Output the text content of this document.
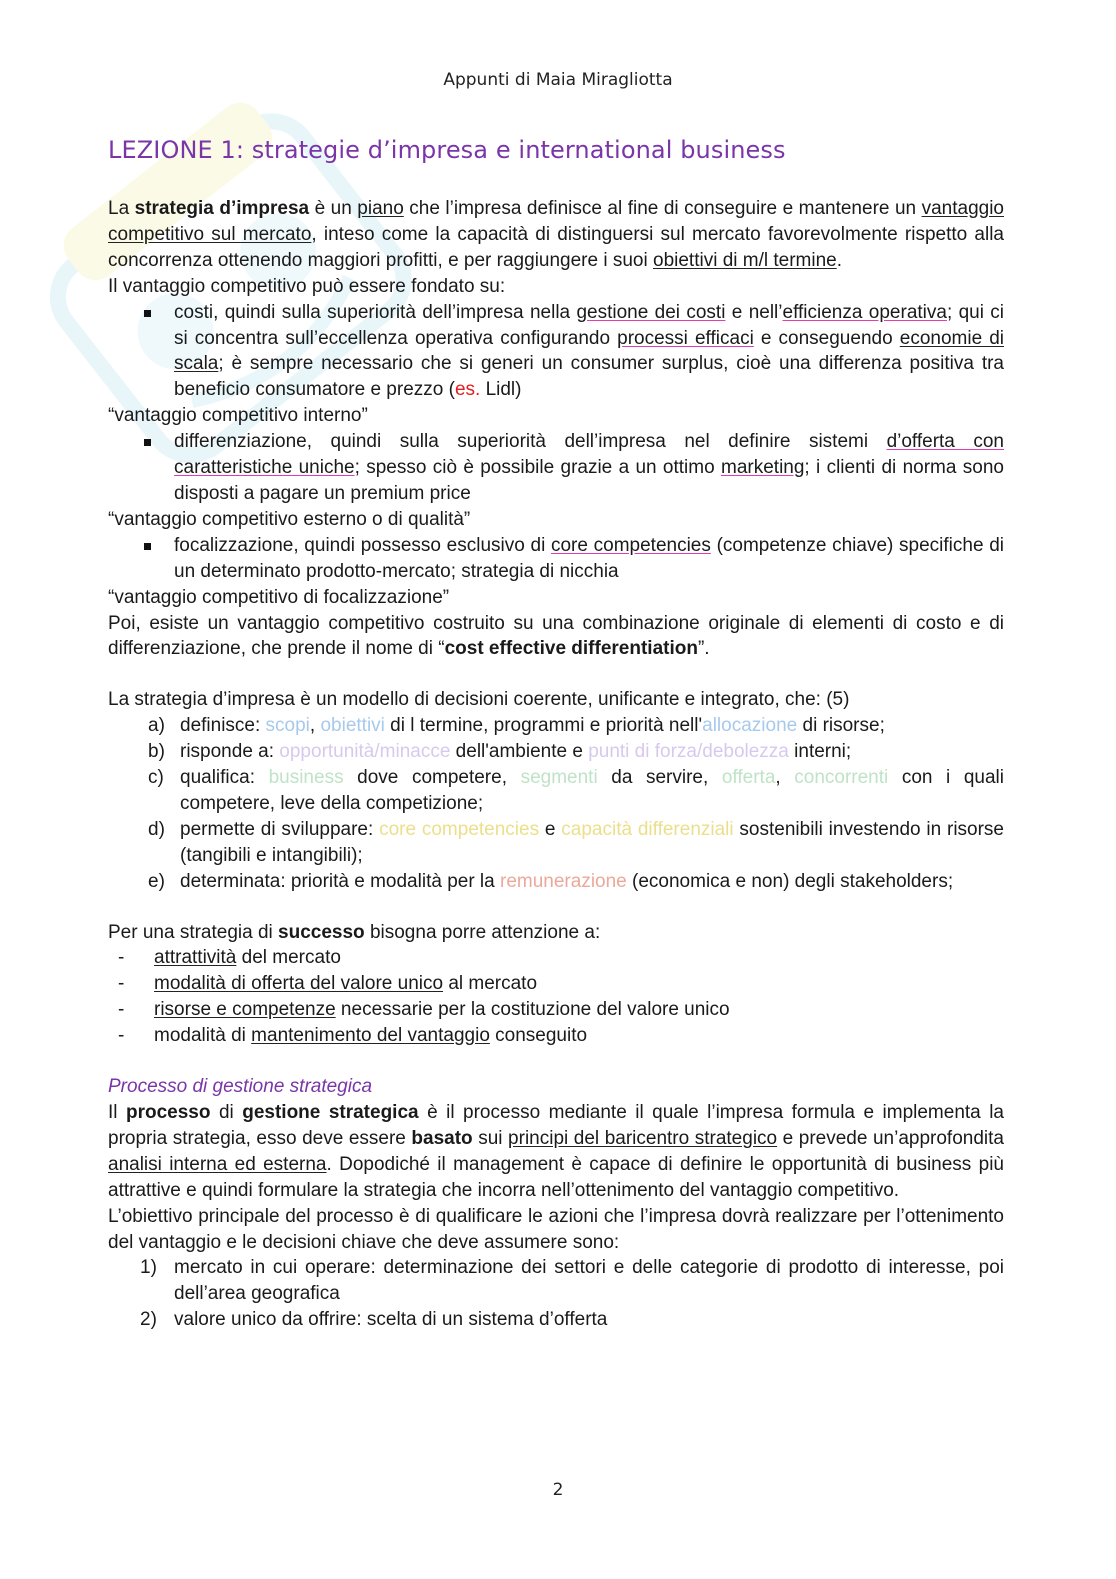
Appunti di Maia Miragliotta
LEZIONE 1: strategie d’impresa e international business

La strategia d’impresa è un piano che l’impresa definisce al fine di conseguire e mantenere un vantaggio competitivo sul mercato, inteso come la capacità di distinguersi sul mercato favorevolmente rispetto alla concorrenza ottenendo maggiori profitti, e per raggiungere i suoi obiettivi di m/l termine.

Il vantaggio competitivo può essere fondato su:

costi, quindi sulla superiorità dell’impresa nella gestione dei costi e nell’efficienza operativa; qui ci si concentra sull’eccellenza operativa configurando processi efficaci e conseguendo economie di scala; è sempre necessario che si generi un consumer surplus, cioè una differenza positiva tra beneficio consumatore e prezzo (es. Lidl)

“vantaggio competitivo interno”

differenziazione, quindi sulla superiorità dell’impresa nel definire sistemi d’offerta con caratteristiche uniche; spesso ciò è possibile grazie a un ottimo marketing; i clienti di norma sono disposti a pagare un premium price

“vantaggio competitivo esterno o di qualità”

focalizzazione, quindi possesso esclusivo di core competencies (competenze chiave) specifiche di un determinato prodotto-mercato; strategia di nicchia

“vantaggio competitivo di focalizzazione”

Poi, esiste un vantaggio competitivo costruito su una combinazione originale di elementi di costo e di differenziazione, che prende il nome di “cost effective differentiation”.

La strategia d’impresa è un modello di decisioni coerente, unificante e integrato, che: (5)

a) definisce: scopi, obiettivi di l termine, programmi e priorità nell'allocazione di risorse;
b) risponde a: opportunità/minacce dell'ambiente e punti di forza/debolezza interni;
c) qualifica: business dove competere, segmenti da servire, offerta, concorrenti con i quali competere, leve della competizione;
d) permette di sviluppare: core competencies e capacità differenziali sostenibili investendo in risorse (tangibili e intangibili);
e) determinata: priorità e modalità per la remunerazione (economica e non) degli stakeholders;

Per una strategia di successo bisogna porre attenzione a:

- attrattività del mercato
- modalità di offerta del valore unico al mercato
- risorse e competenze necessarie per la costituzione del valore unico
- modalità di mantenimento del vantaggio conseguito

Processo di gestione strategica

Il processo di gestione strategica è il processo mediante il quale l’impresa formula e implementa la propria strategia, esso deve essere basato sui principi del baricentro strategico e prevede un’approfondita analisi interna ed esterna. Dopodiché il management è capace di definire le opportunità di business più attrattive e quindi formulare la strategia che incorra nell’ottenimento del vantaggio competitivo.

L’obiettivo principale del processo è di qualificare le azioni che l’impresa dovrà realizzare per l’ottenimento del vantaggio e le decisioni chiave che deve assumere sono:

1) mercato in cui operare: determinazione dei settori e delle categorie di prodotto di interesse, poi dell’area geografica
2) valore unico da offrire: scelta di un sistema d’offerta
2
